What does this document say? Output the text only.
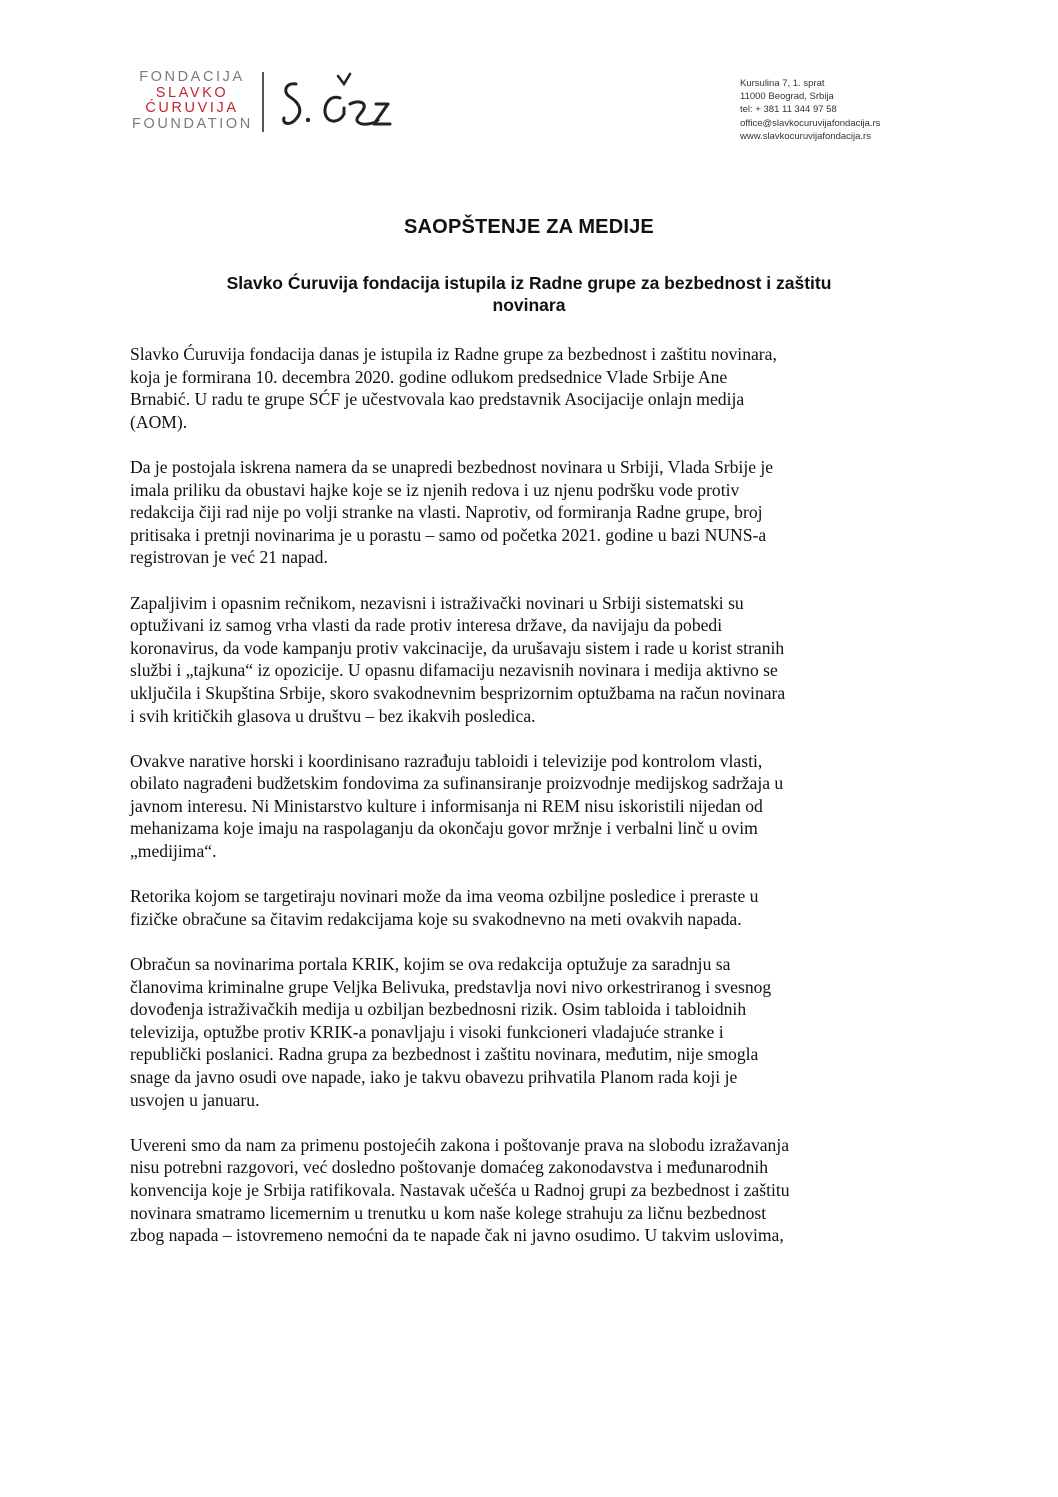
FONDACIJA
SLAVKO
ĆURUVIJA
FOUNDATION
Kursulina 7, 1. sprat
11000 Beograd, Srbija
tel: + 381 11 344 97 58
office@slavkocuruvijafondacija.rs
www.slavkocuruvijafondacija.rs
SAOPŠTENJE ZA MEDIJE
Slavko Ćuruvija fondacija istupila iz Radne grupe za bezbednost i zaštitu
novinara

Slavko Ćuruvija fondacija danas je istupila iz Radne grupe za bezbednost i zaštitu novinara,
koja je formirana 10. decembra 2020. godine odlukom predsednice Vlade Srbije Ane
Brnabić. U radu te grupe SĆF je učestvovala kao predstavnik Asocijacije onlajn medija
(AOM).

Da je postojala iskrena namera da se unapredi bezbednost novinara u Srbiji, Vlada Srbije je
imala priliku da obustavi hajke koje se iz njenih redova i uz njenu podršku vode protiv
redakcija čiji rad nije po volji stranke na vlasti. Naprotiv, od formiranja Radne grupe, broj
pritisaka i pretnji novinarima je u porastu – samo od početka 2021. godine u bazi NUNS-a
registrovan je već 21 napad.

Zapaljivim i opasnim rečnikom, nezavisni i istraživački novinari u Srbiji sistematski su
optuživani iz samog vrha vlasti da rade protiv interesa države, da navijaju da pobedi
koronavirus, da vode kampanju protiv vakcinacije, da urušavaju sistem i rade u korist stranih
službi i „tajkuna“ iz opozicije. U opasnu difamaciju nezavisnih novinara i medija aktivno se
uključila i Skupština Srbije, skoro svakodnevnim besprizornim optužbama na račun novinara
i svih kritičkih glasova u društvu – bez ikakvih posledica.

Ovakve narative horski i koordinisano razrađuju tabloidi i televizije pod kontrolom vlasti,
obilato nagrađeni budžetskim fondovima za sufinansiranje proizvodnje medijskog sadržaja u
javnom interesu. Ni Ministarstvo kulture i informisanja ni REM nisu iskoristili nijedan od
mehanizama koje imaju na raspolaganju da okončaju govor mržnje i verbalni linč u ovim
„medijima“.

Retorika kojom se targetiraju novinari može da ima veoma ozbiljne posledice i preraste u
fizičke obračune sa čitavim redakcijama koje su svakodnevno na meti ovakvih napada.

Obračun sa novinarima portala KRIK, kojim se ova redakcija optužuje za saradnju sa
članovima kriminalne grupe Veljka Belivuka, predstavlja novi nivo orkestriranog i svesnog
dovođenja istraživačkih medija u ozbiljan bezbednosni rizik. Osim tabloida i tabloidnih
televizija, optužbe protiv KRIK-a ponavljaju i visoki funkcioneri vladajuće stranke i
republički poslanici. Radna grupa za bezbednost i zaštitu novinara, međutim, nije smogla
snage da javno osudi ove napade, iako je takvu obavezu prihvatila Planom rada koji je
usvojen u januaru.

Uvereni smo da nam za primenu postojećih zakona i poštovanje prava na slobodu izražavanja
nisu potrebni razgovori, već dosledno poštovanje domaćeg zakonodavstva i međunarodnih
konvencija koje je Srbija ratifikovala. Nastavak učešća u Radnoj grupi za bezbednost i zaštitu
novinara smatramo licemernim u trenutku u kom naše kolege strahuju za ličnu bezbednost
zbog napada – istovremeno nemoćni da te napade čak ni javno osudimo. U takvim uslovima,
